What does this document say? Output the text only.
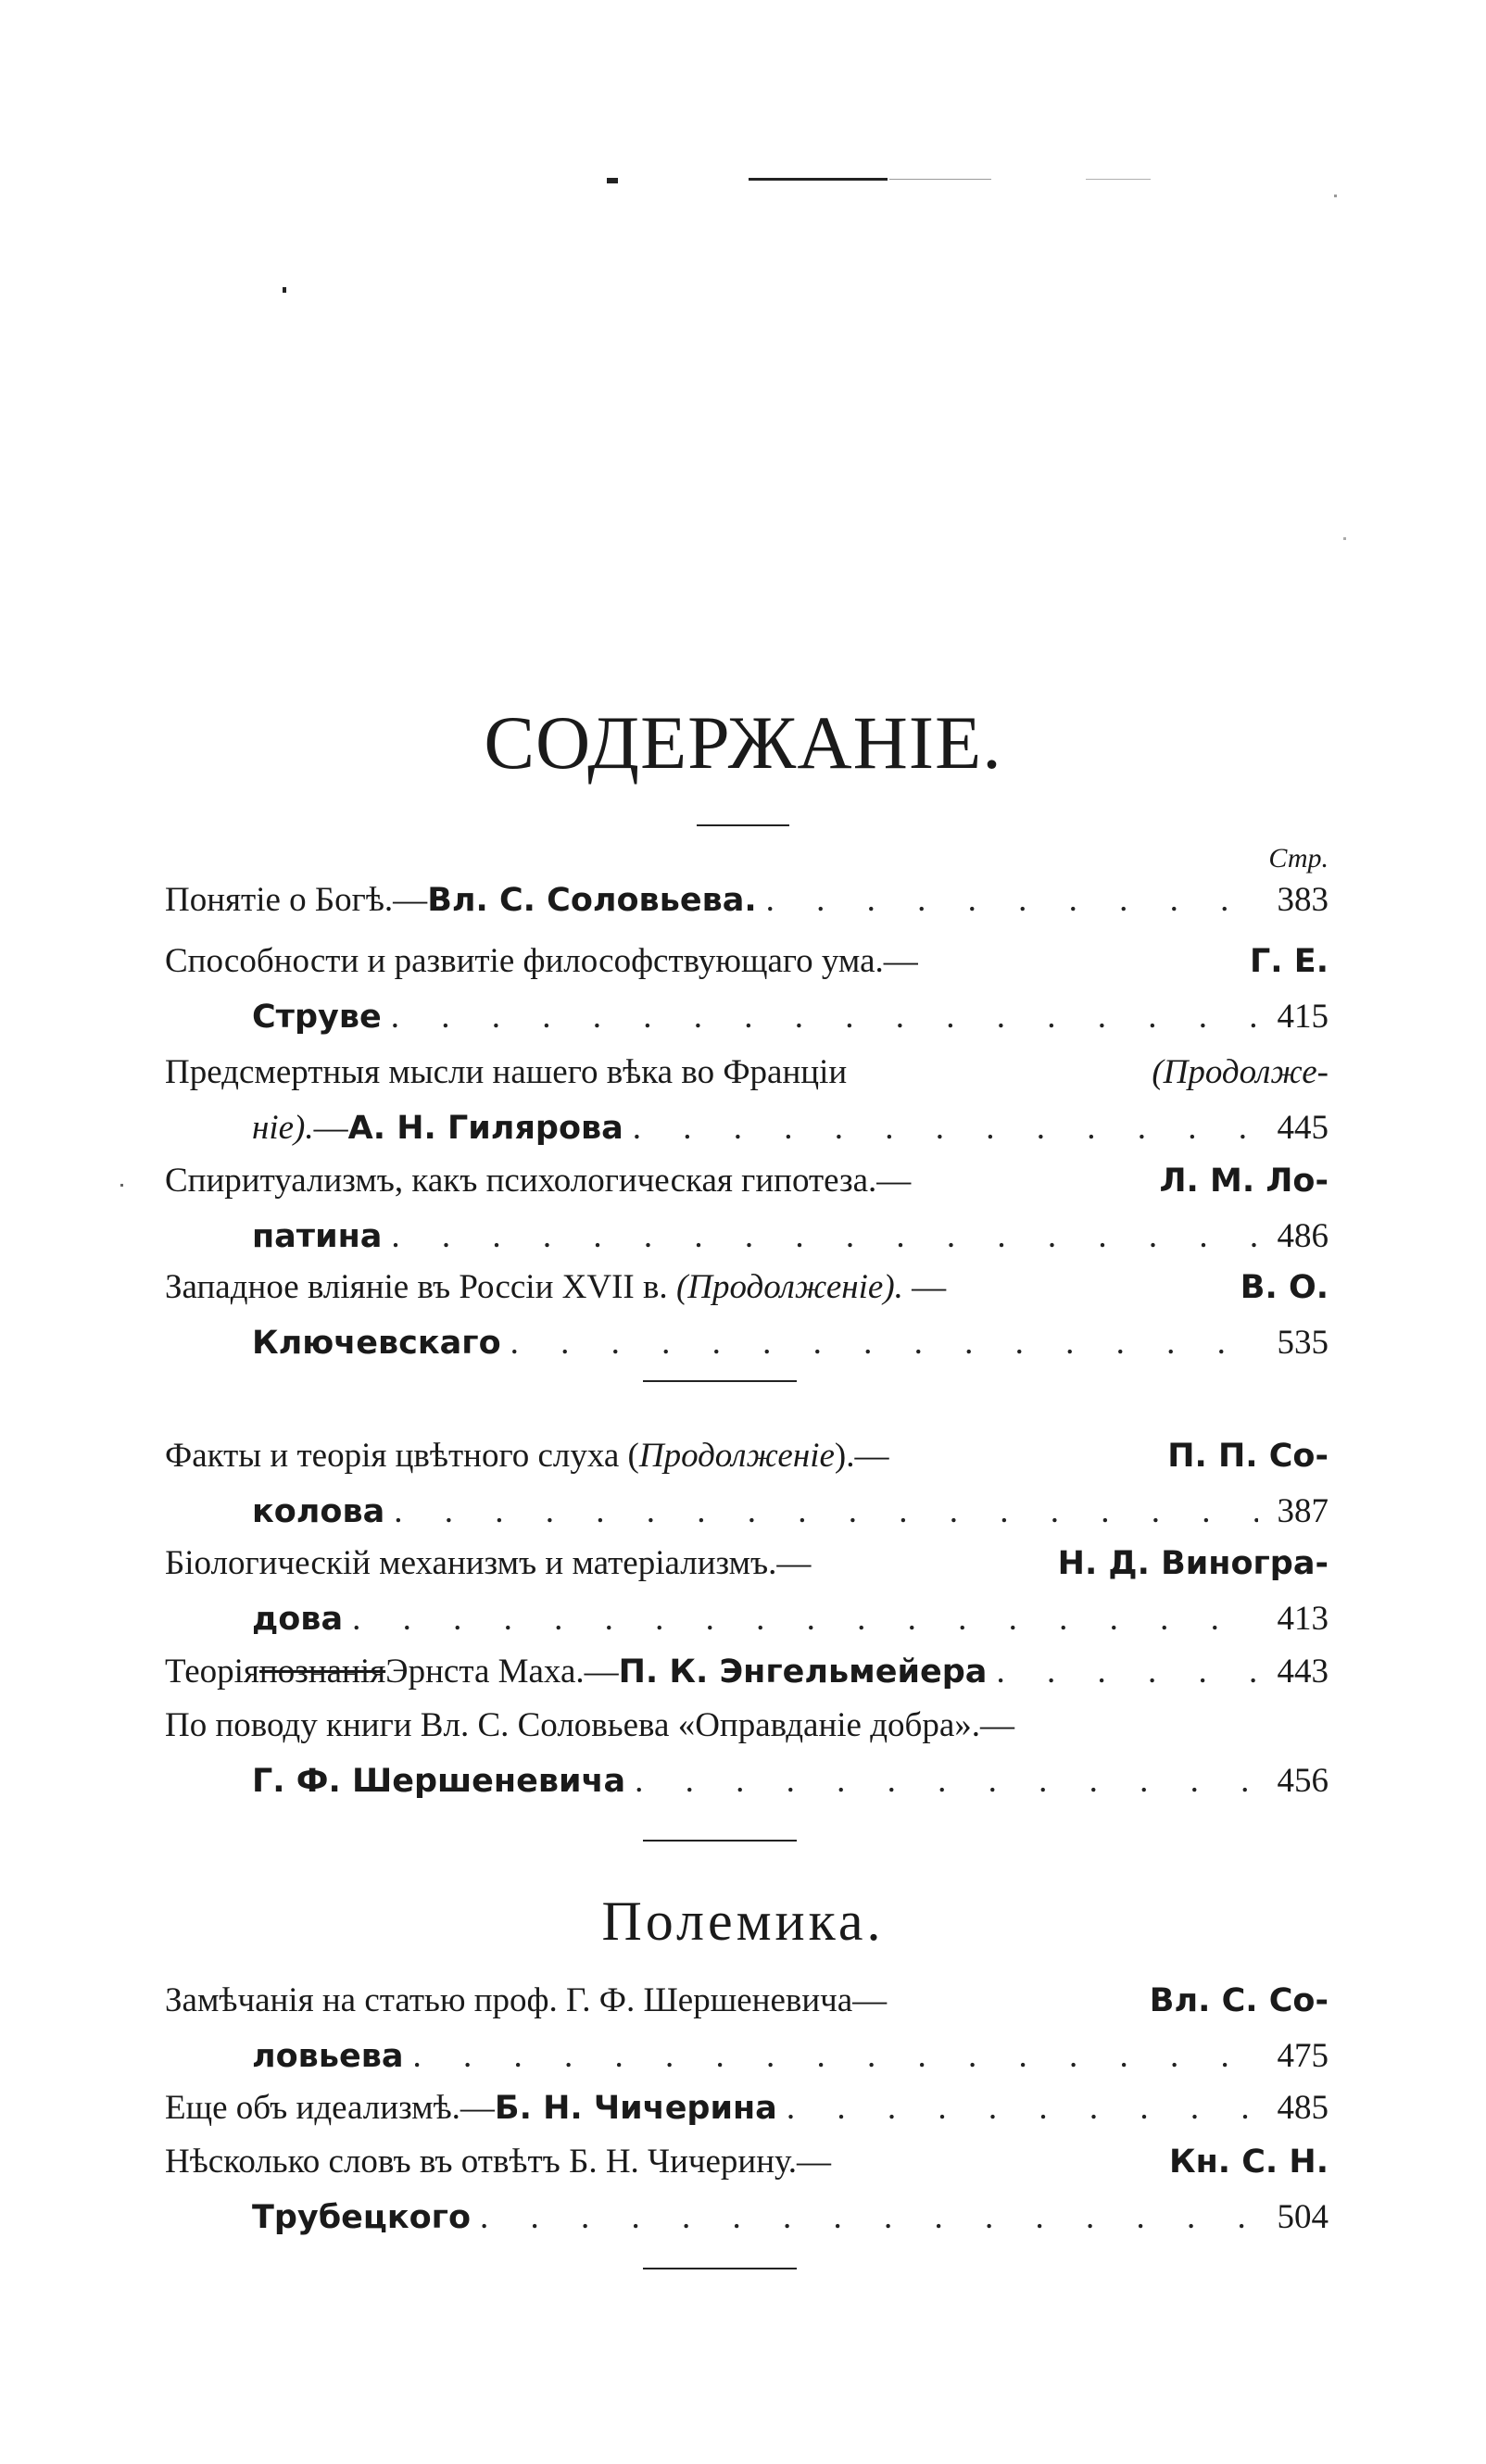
СОДЕРЖАНІЕ.
Стр.
Понятіе о Богѣ.— Вл. С. Соловьева. . . .	383
Способности и развитіе философствующаго ума.—	Г. Е.
Струве . . .	415
Предсмертныя мысли нашего вѣка во Франціи	(Продолже-
ніе). — А. Н. Гилярова . . .	445
Спиритуализмъ, какъ психологическая гипотеза.—	Л. М. Ло-
патина . . .	486
Западное вліяніе въ Россіи XVII в. (Продолженіе). —	В. О.
Ключевскаго . . .	535
Факты и теорія цвѣтного слуха (Продолженіе).—	П. П. Со-
колова . . .	387
Біологическій механизмъ и матеріализмъ.—	Н. Д. Виногра-
дова . . .	413
Теорія познанія Эрнста Маха.— П. К. Энгельмейера . . .	443
По поводу книги Вл. С. Соловьева «Оправданіе добра».—
Г. Ф. Шершеневича . . .	456
Полемика.
Замѣчанія на статью проф. Г. Ф. Шершеневича—	Вл. С. Со-
ловьева . . .	475
Еще объ идеализмѣ.— Б. Н. Чичерина . . .	485
Нѣсколько словъ въ отвѣтъ Б. Н. Чичерину.—	Кн. С. Н.
Трубецкого . . .	504
